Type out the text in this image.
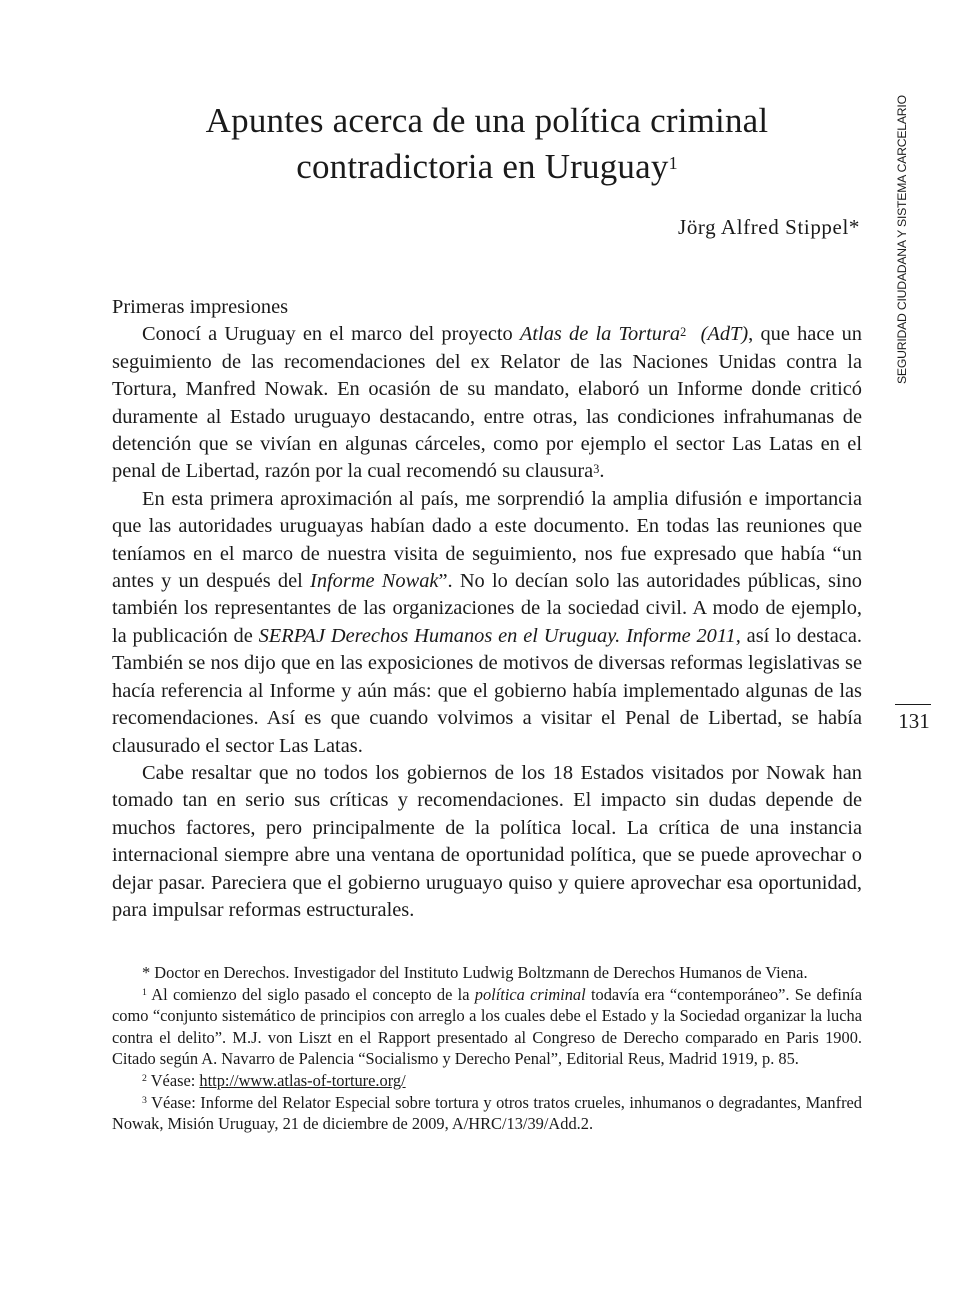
Apuntes acerca de una política criminal
contradictoria en Uruguay$^1$
Jörg Alfred Stippel*	SEGURIDAD CIUDADANA Y SISTEMA CARCELARIO
131
Primeras impresiones

Conocí a Uruguay en el marco del proyecto Atlas de la Tortura$^2$ (AdT), que hace un seguimiento de las recomendaciones del ex Relator de las Naciones Unidas contra la Tortura, Manfred Nowak. En ocasión de su mandato, elaboró un Informe donde criticó duramente al Estado uruguayo destacando, entre otras, las condiciones infrahumanas de detención que se vivían en algunas cárceles, como por ejemplo el sector Las Latas en el penal de Libertad, razón por la cual recomendó su clausura$^3$.

En esta primera aproximación al país, me sorprendió la amplia difusión e importancia que las autoridades uruguayas habían dado a este documento. En todas las reuniones que teníamos en el marco de nuestra visita de seguimiento, nos fue expresado que había “un antes y un después del Informe Nowak”. No lo decían solo las autoridades públicas, sino también los representantes de las organizaciones de la sociedad civil. A modo de ejemplo, la publicación de SERPAJ Derechos Humanos en el Uruguay. Informe 2011, así lo destaca. También se nos dijo que en las exposiciones de motivos de diversas reformas legislativas se hacía referencia al Informe y aún más: que el gobierno había implementado algunas de las recomendaciones. Así es que cuando volvimos a visitar el Penal de Libertad, se había clausurado el sector Las Latas.

Cabe resaltar que no todos los gobiernos de los 18 Estados visitados por Nowak han tomado tan en serio sus críticas y recomendaciones. El impacto sin dudas depende de muchos factores, pero principalmente de la política local. La crítica de una instancia internacional siempre abre una ventana de oportunidad política, que se puede aprovechar o dejar pasar. Pareciera que el gobierno uruguayo quiso y quiere aprovechar esa oportunidad, para impulsar reformas estructurales.

* Doctor en Derechos. Investigador del Instituto Ludwig Boltzmann de Derechos Humanos de Viena.

$^1$ Al comienzo del siglo pasado el concepto de la política criminal todavía era “contemporáneo”. Se definía como “conjunto sistemático de principios con arreglo a los cuales debe el Estado y la Sociedad organizar la lucha contra el delito”. M.J. von Liszt en el Rapport presentado al Congreso de Derecho comparado en Paris 1900. Citado según A. Navarro de Palencia “Socialismo y Derecho Penal”, Editorial Reus, Madrid 1919, p. 85.

$^2$ Véase: http://www.atlas-of-torture.org/

$^3$ Véase: Informe del Relator Especial sobre tortura y otros tratos crueles, inhumanos o degradantes, Manfred Nowak, Misión Uruguay, 21 de diciembre de 2009, A/HRC/13/39/Add.2.
